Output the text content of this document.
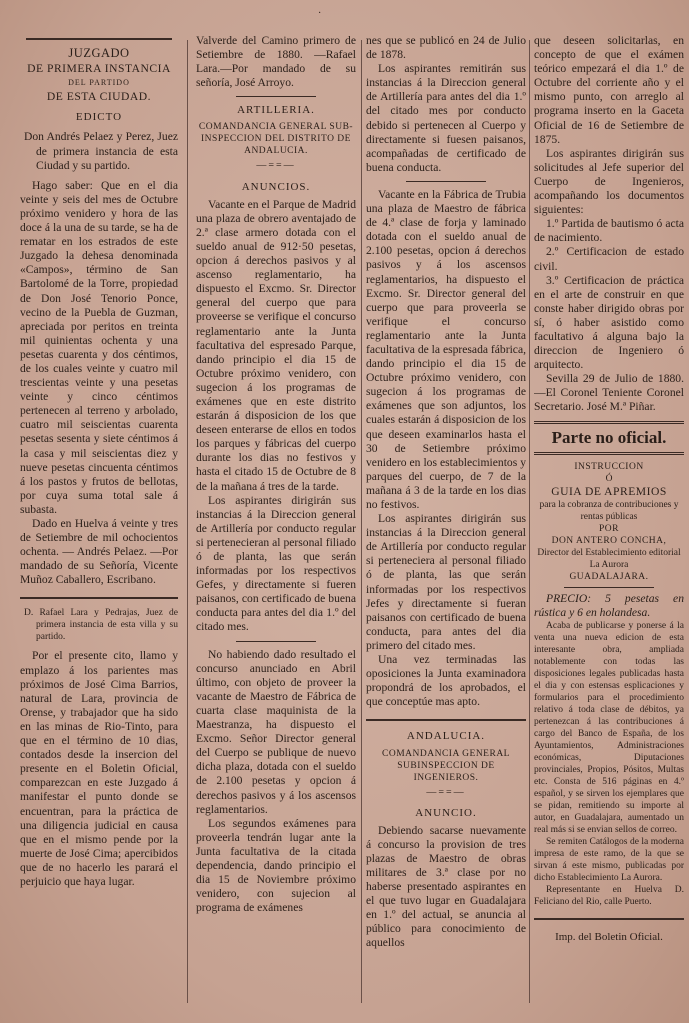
·
JUZGADO
DE PRIMERA INSTANCIA
DEL PARTIDO
DE ESTA CIUDAD.
EDICTO

Don Andrés Pelaez y Perez, Juez de primera instancia de esta Ciudad y su partido.

Hago saber: Que en el dia veinte y seis del mes de Octubre próximo venidero y hora de las doce á la una de su tarde, se ha de rematar en los estrados de este Juzgado la dehesa denominada «Campos», término de San Bartolomé de la Torre, propiedad de Don José Tenorio Ponce, vecino de la Puebla de Guzman, apreciada por peritos en treinta mil quinientas ochenta y una pesetas cuarenta y dos céntimos, de los cuales veinte y cuatro mil trescientas veinte y una pesetas veinte y cinco céntimos pertenecen al terreno y arbolado, cuatro mil seiscientas cuarenta pesetas sesenta y siete céntimos á la casa y mil seiscientas diez y nueve pesetas cincuenta céntimos á los pastos y frutos de bellotas, por cuya suma total sale á subasta.

Dado en Huelva á veinte y tres de Setiembre de mil ochocientos ochenta. — Andrés Pelaez. —Por mandado de su Señoría, Vicente Muñoz Caballero, Escribano.

D. Rafael Lara y Pedrajas, Juez de primera instancia de esta villa y su partido.

Por el presente cito, llamo y emplazo á los parientes mas próximos de José Cima Barrios, natural de Lara, provincia de Orense, y trabajador que ha sido en las minas de Rio-Tinto, para que en el término de 10 dias, contados desde la insercion del presente en el Boletin Oficial, comparezcan en este Juzgado á manifestar el punto donde se encuentran, para la práctica de una diligencia judicial en causa que en el mismo pende por la muerte de José Cima; apercibidos que de no hacerlo les parará el perjuicio que haya lugar.

Valverde del Camino primero de Setiembre de 1880. —Rafael Lara.—Por mandado de su señoría, José Arroyo.

ARTILLERIA.
COMANDANCIA GENERAL SUB-INSPECCION DEL DISTRITO DE ANDALUCIA.
—==—
ANUNCIOS.

Vacante en el Parque de Madrid una plaza de obrero aventajado de 2.ª clase armero dotada con el sueldo anual de 912·50 pesetas, opcion á derechos pasivos y al ascenso reglamentario, ha dispuesto el Excmo. Sr. Director general del cuerpo que para proveerse se verifique el concurso reglamentario ante la Junta facultativa del espresado Parque, dando principio el dia 15 de Octubre próximo venidero, con sugecion á los programas de exámenes que en este distrito estarán á disposicion de los que deseen enterarse de ellos en todos los parques y fábricas del cuerpo durante los dias no festivos y hasta el citado 15 de Octubre de 8 de la mañana á tres de la tarde.

Los aspirantes dirigirán sus instancias á la Direccion general de Artillería por conducto regular si pertenecieran al personal filiado ó de planta, las que serán informadas por los respectivos Gefes, y directamente si fueren paisanos, con certificado de buena conducta para antes del dia 1.º del citado mes.

No habiendo dado resultado el concurso anunciado en Abril último, con objeto de proveer la vacante de Maestro de Fábrica de cuarta clase maquinista de la Maestranza, ha dispuesto el Excmo. Señor Director general del Cuerpo se publique de nuevo dicha plaza, dotada con el sueldo de 2.100 pesetas y opcion á derechos pasivos y á los ascensos reglamentarios.

Los segundos exámenes para proveerla tendrán lugar ante la Junta facultativa de la citada dependencia, dando principio el dia 15 de Noviembre próximo venidero, con sujecion al programa de exámenes

nes que se publicó en 24 de Julio de 1878.

Los aspirantes remitirán sus instancias á la Direccion general de Artillería para antes del dia 1.º del citado mes por conducto debido si pertenecen al Cuerpo y directamente si fuesen paisanos, acompañadas de certificado de buena conducta.

Vacante en la Fábrica de Trubia una plaza de Maestro de fábrica de 4.ª clase de forja y laminado dotada con el sueldo anual de 2.100 pesetas, opcion á derechos pasivos y á los ascensos reglamentarios, ha dispuesto el Excmo. Sr. Director general del cuerpo que para proveerla se verifique el concurso reglamentario ante la Junta facultativa de la espresada fábrica, dando principio el dia 15 de Octubre próximo venidero, con sugecion á los programas de exámenes que son adjuntos, los cuales estarán á disposicion de los que deseen examinarlos hasta el 30 de Setiembre próximo venidero en los establecimientos y parques del cuerpo, de 7 de la mañana á 3 de la tarde en los dias no festivos.

Los aspirantes dirigirán sus instancias á la Direccion general de Artillería por conducto regular si perteneciera al personal filiado ó de planta, las que serán informadas por los respectivos Jefes y directamente si fueran paisanos con certificado de buena conducta, para antes del dia primero del citado mes.

Una vez terminadas las oposiciones la Junta examinadora propondrá de los aprobados, el que conceptúe mas apto.

ANDALUCIA.
COMANDANCIA GENERAL SUBINSPECCION DE INGENIEROS.
—==—
ANUNCIO.

Debiendo sacarse nuevamente á concurso la provision de tres plazas de Maestro de obras militares de 3.ª clase por no haberse presentado aspirantes en el que tuvo lugar en Guadalajara en 1.º del actual, se anuncia al público para conocimiento de aquellos

que deseen solicitarlas, en concepto de que el exámen teórico empezará el dia 1.º de Octubre del corriente año y el mismo punto, con arreglo al programa inserto en la Gaceta Oficial de 16 de Setiembre de 1875.

Los aspirantes dirigirán sus solicitudes al Jefe superior del Cuerpo de Ingenieros, acompañando los documentos siguientes:

1.º Partida de bautismo ó acta de nacimiento.

2.º Certificacion de estado civil.

3.º Certificacion de práctica en el arte de construir en que conste haber dirigido obras por sí, ó haber asistido como facultativo á alguna bajo la direccion de Ingeniero ó arquitecto.

Sevilla 29 de Julio de 1880. —El Coronel Teniente Coronel Secretario. José M.ª Piñar.

Parte no oficial.
INSTRUCCION
Ó
GUIA DE APREMIOS
para la cobranza de contribuciones y rentas públicas
POR
DON ANTERO CONCHA,
Director del Establecimiento editorial La Aurora
GUADALAJARA.

PRECIO: 5 pesetas en rústica y 6 en holandesa.

Acaba de publicarse y ponerse á la venta una nueva edicion de esta interesante obra, ampliada notablemente con todas las disposiciones legales publicadas hasta el dia y con estensas esplicaciones y formularios para el procedimiento relativo á toda clase de débitos, ya pertenezcan á las contribuciones á cargo del Banco de España, de los Ayuntamientos, Administraciones económicas, Diputaciones provinciales, Propios, Pósitos, Multas etc. Consta de 516 páginas en 4.º español, y se sirven los ejemplares que se pidan, remitiendo su importe al autor, en Guadalajara, aumentado un real más si se envian sellos de correo.

Se remiten Catálogos de la moderna impresa de este ramo, de la que se sirvan á este mismo, publicadas por dicho Establecimiento La Aurora.

Representante en Huelva D. Feliciano del Rio, calle Puerto.

Imp. del Boletin Oficial.
